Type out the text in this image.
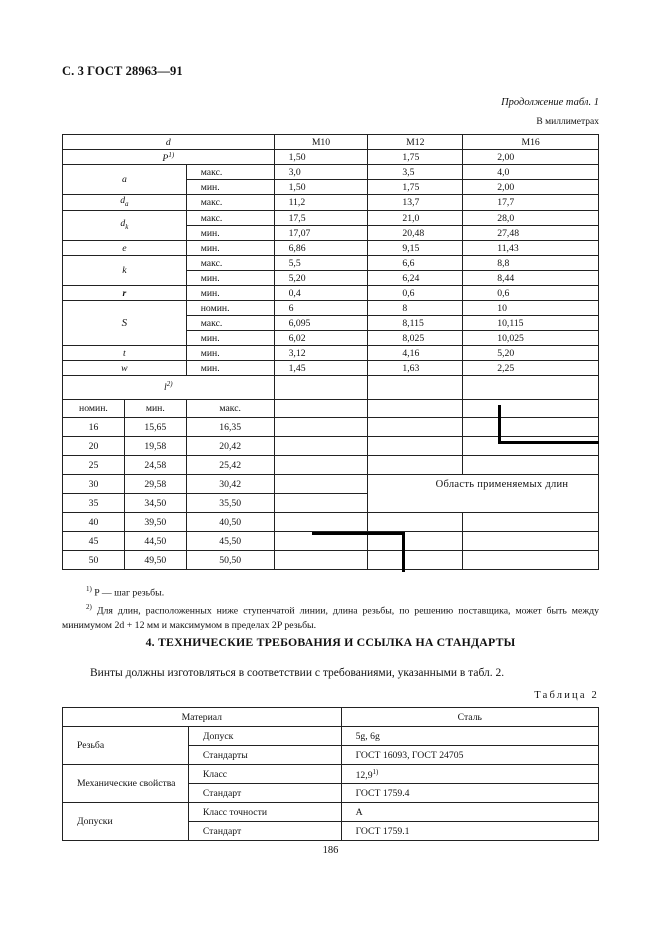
С. 3 ГОСТ 28963—91
Продолжение табл. 1
В миллиметрах
d			M10	M12	M16
$P^{1)}$			1,50	1,75	2,00
a		макс.	3,0	3,5	4,0
		мин.	1,50	1,75	2,00
$d_a$		макс.	11,2	13,7	17,7
$d_k$		макс.	17,5	21,0	28,0
		мин.	17,07	20,48	27,48
e		мин.	6,86	9,15	11,43
k		макс.	5,5	6,6	8,8
		мин.	5,20	6,24	8,44
r		мин.	0,4	0,6	0,6
S		номин.	6	8	10
		макс.	6,095	8,115	10,115
		мин.	6,02	8,025	10,025
t		мин.	3,12	4,16	5,20
w		мин.	1,45	1,63	2,25
$l^{2)}$			
номин.	мин.	макс.			
16	15,65	16,35			
20	19,58	20,42			
25	24,58	25,42			
30	29,58	30,42			
35	34,50	35,50			
40	39,50	40,50			
45	44,50	45,50			
50	49,50	50,50			
Область применяемых длин
$^{1)}$ P — шаг резьбы.
$^{2)}$ Для длин, расположенных ниже ступенчатой линии, длина резьбы, по решению поставщика, может быть между минимумом 2d + 12 мм и максимумом в пределах 2P резьбы.
4. ТЕХНИЧЕСКИЕ ТРЕБОВАНИЯ И ССЫЛКА НА СТАНДАРТЫ
Винты должны изготовляться в соответствии с требованиями, указанными в табл. 2.
Таблица 2
Материал		Сталь
Резьба	Допуск	5g, 6g
	Стандарты	ГОСТ 16093, ГОСТ 24705
Механические свойства	Класс	12,9$^{1)}$
	Стандарт	ГОСТ 1759.4
Допуски	Класс точности	А
	Стандарт	ГОСТ 1759.1
186
